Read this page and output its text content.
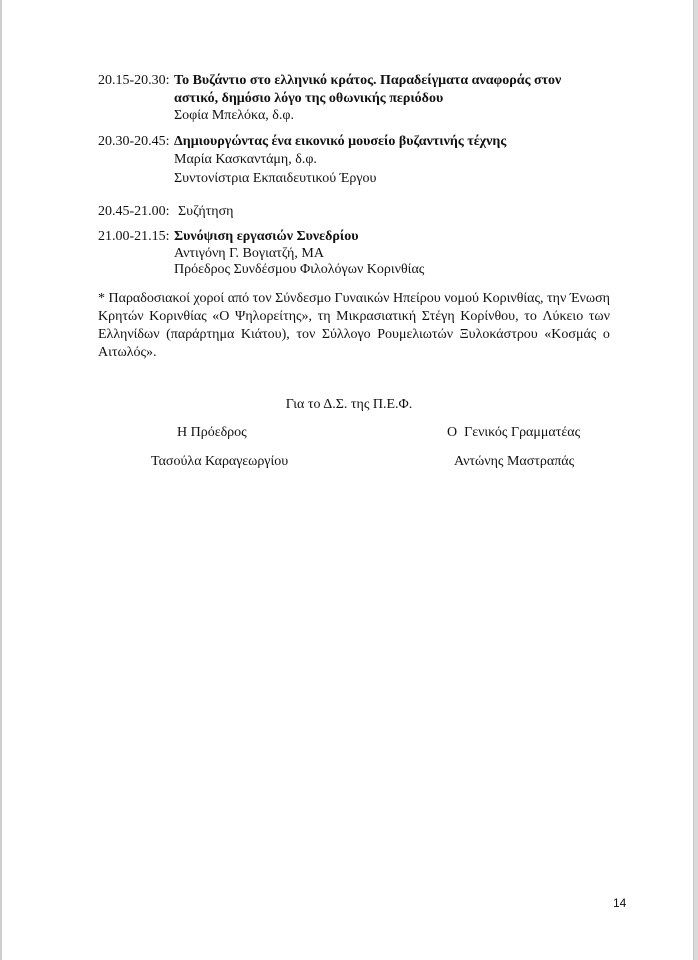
20.15-20.30: Το Βυζάντιο στο ελληνικό κράτος. Παραδείγματα αναφοράς στον
αστικό, δημόσιο λόγο της οθωνικής περιόδου
Σοφία Μπελόκα, δ.φ.
20.30-20.45: Δημιουργώντας ένα εικονικό μουσείο βυζαντινής τέχνης
Μαρία Κασκαντάμη, δ.φ.
Συντονίστρια Εκπαιδευτικού Έργου
20.45-21.00: Συζήτηση
21.00-21.15: Συνόψιση εργασιών Συνεδρίου
Αντιγόνη Γ. Βογιατζή, ΜΑ
Πρόεδρος Συνδέσμου Φιλολόγων Κορινθίας
* Παραδοσιακοί χοροί από τον Σύνδεσμο Γυναικών Ηπείρου νομού Κορινθίας, την Ένωση
Κρητών Κορινθίας «Ο Ψηλορείτης», τη Μικρασιατική Στέγη Κορίνθου, το Λύκειο των
Ελληνίδων (παράρτημα Κιάτου), τον Σύλλογο Ρουμελιωτών Ξυλοκάστρου «Κοσμάς ο
Αιτωλός».
Για το Δ.Σ. της Π.Ε.Φ.
Η Πρόεδρος	Ο  Γενικός Γραμματέας
Τασούλα Καραγεωργίου	Αντώνης Μαστραπάς
14
